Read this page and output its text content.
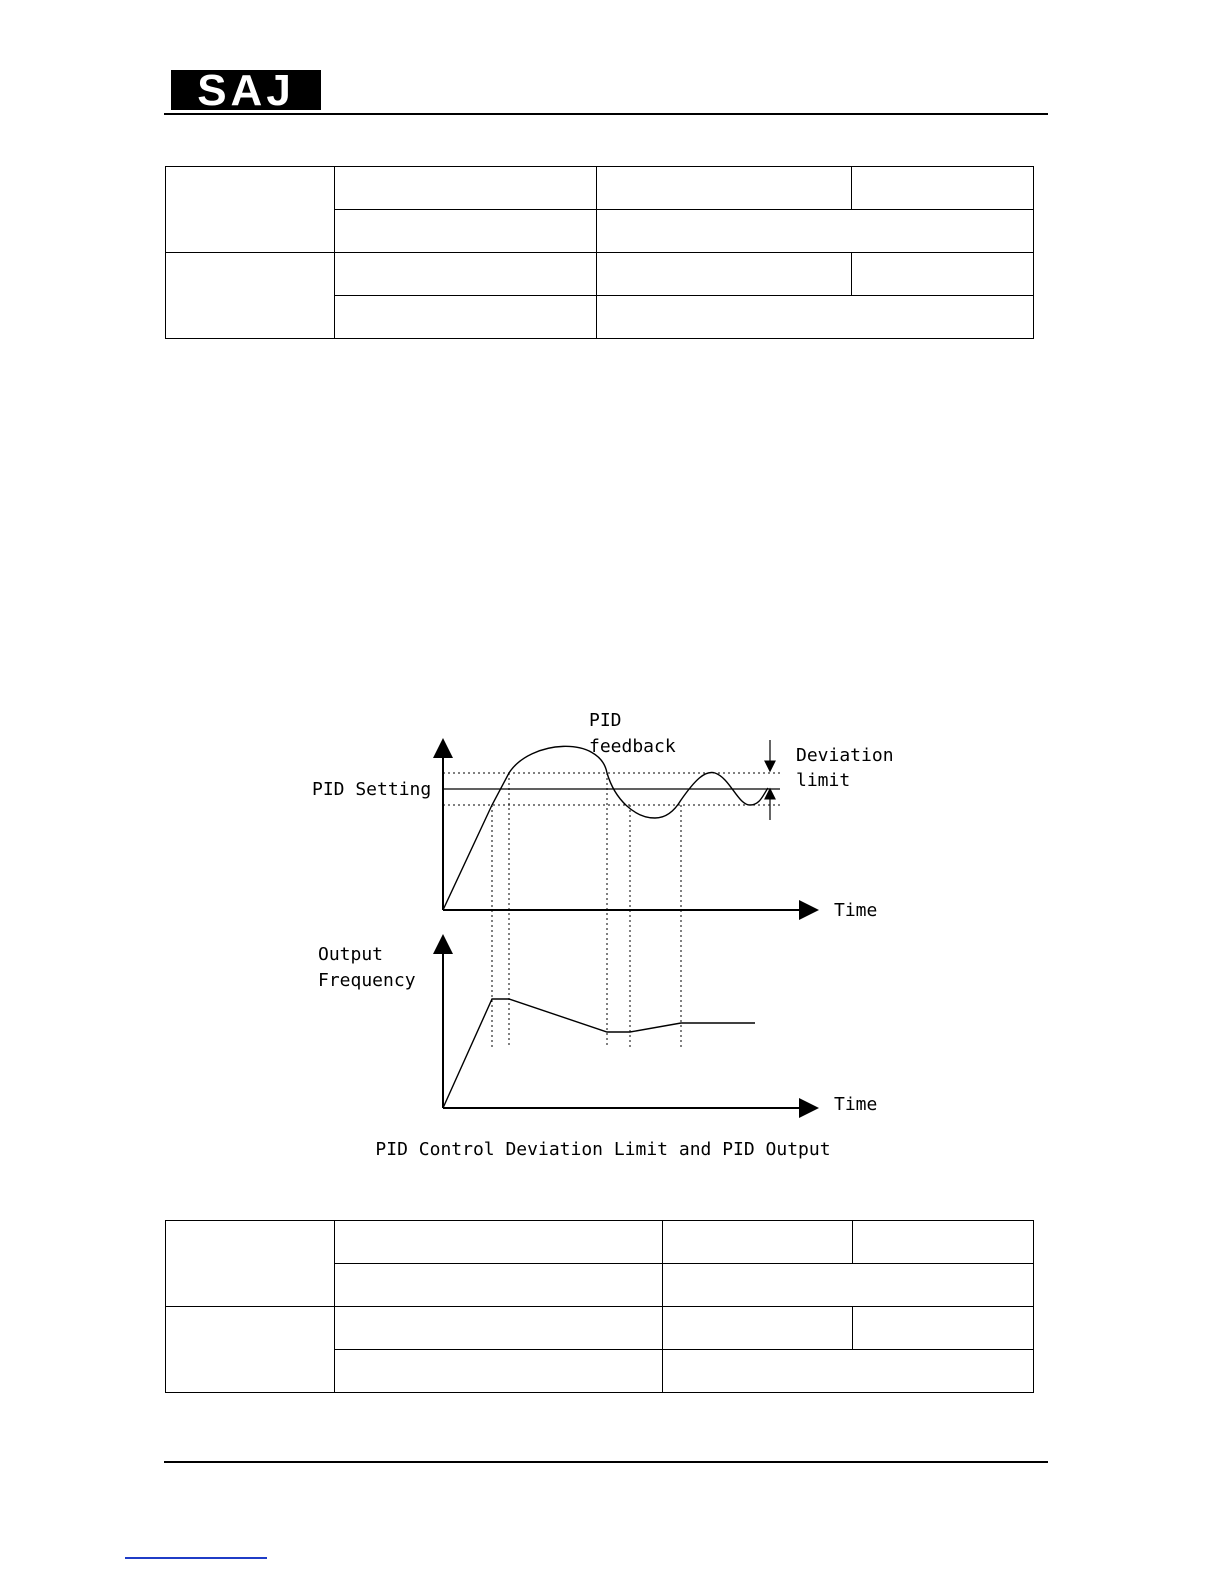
SAJ

PID
feedback	Deviation
limit
PID Setting
Time
Output
Frequency
Time
PID Control Deviation Limit and PID Output
